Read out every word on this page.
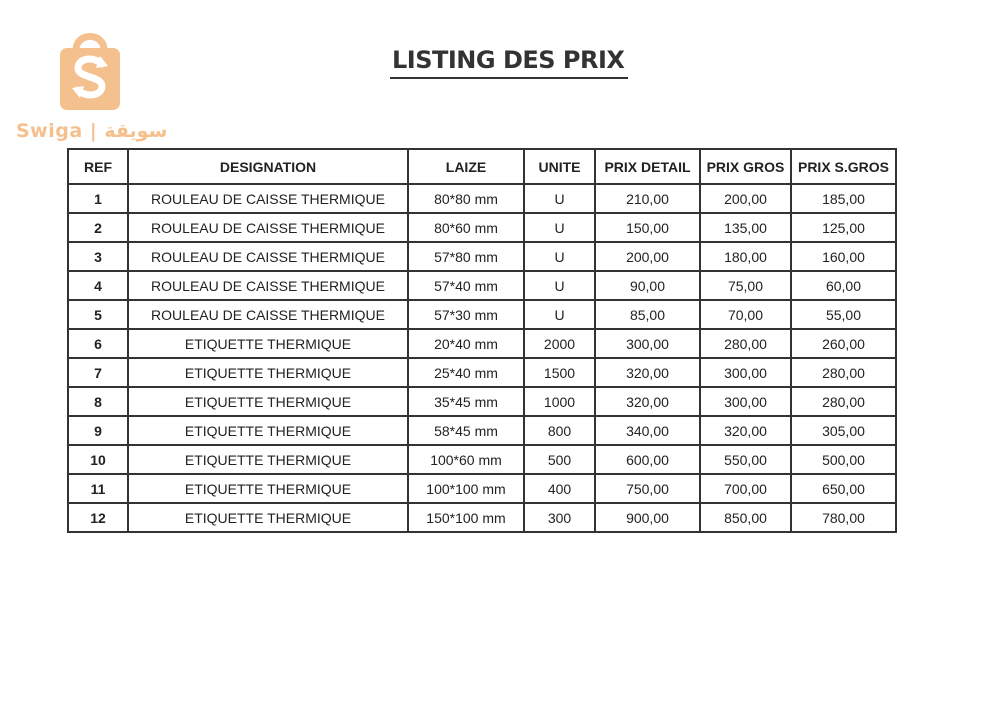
Swiga | سويقة
LISTING DES PRIX
REF	DESIGNATION	LAIZE	UNITE	PRIX DETAIL	PRIX GROS	PRIX S.GROS
1	ROULEAU DE CAISSE THERMIQUE	80*80 mm	U	210,00	200,00	185,00
2	ROULEAU DE CAISSE THERMIQUE	80*60 mm	U	150,00	135,00	125,00
3	ROULEAU DE CAISSE THERMIQUE	57*80 mm	U	200,00	180,00	160,00
4	ROULEAU DE CAISSE THERMIQUE	57*40 mm	U	90,00	75,00	60,00
5	ROULEAU DE CAISSE THERMIQUE	57*30 mm	U	85,00	70,00	55,00
6	ETIQUETTE THERMIQUE	20*40 mm	2000	300,00	280,00	260,00
7	ETIQUETTE THERMIQUE	25*40 mm	1500	320,00	300,00	280,00
8	ETIQUETTE THERMIQUE	35*45 mm	1000	320,00	300,00	280,00
9	ETIQUETTE THERMIQUE	58*45 mm	800	340,00	320,00	305,00
10	ETIQUETTE THERMIQUE	100*60 mm	500	600,00	550,00	500,00
11	ETIQUETTE THERMIQUE	100*100 mm	400	750,00	700,00	650,00
12	ETIQUETTE THERMIQUE	150*100 mm	300	900,00	850,00	780,00
